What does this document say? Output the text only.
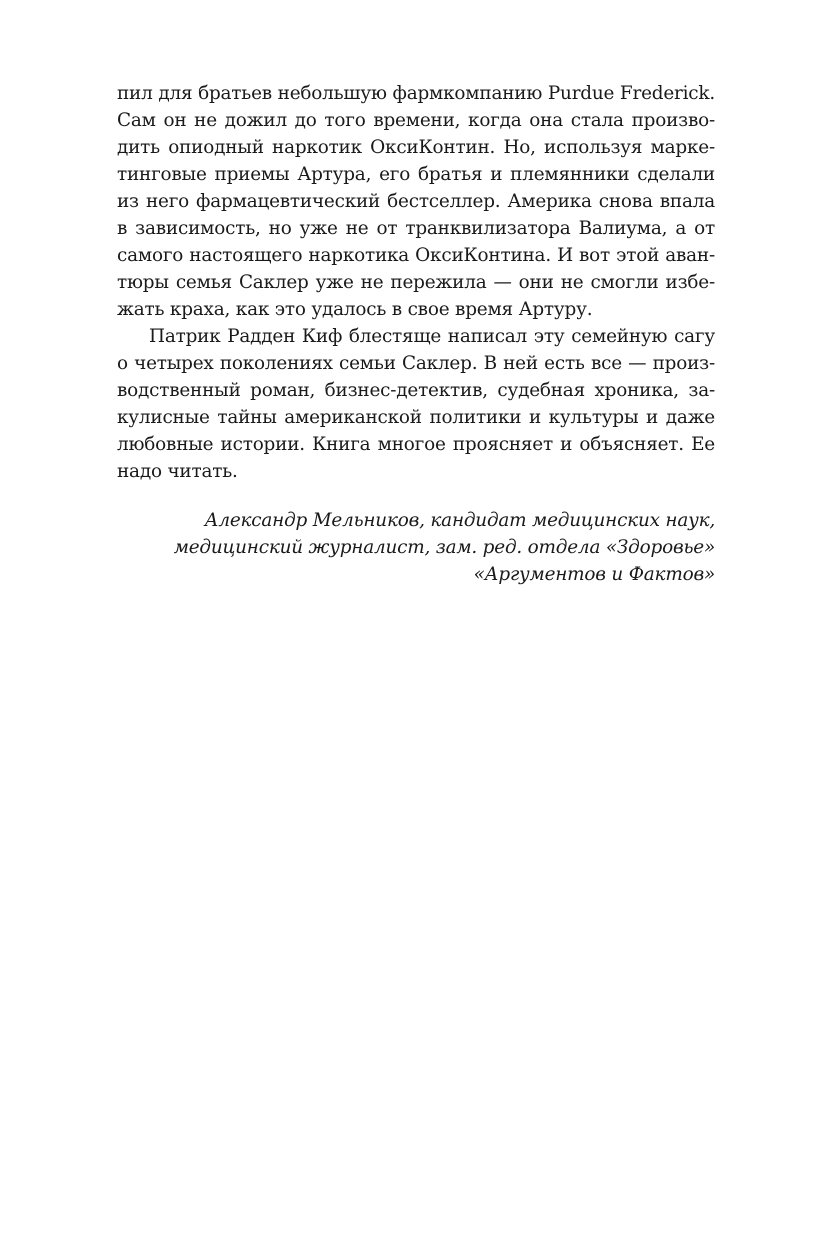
пил для братьев небольшую фармкомпанию Purdue Frederick.
Сам он не дожил до того времени, когда она стала произво-
дить опиодный наркотик ОксиКонтин. Но, используя маркe-
тинговые приемы Артура, его братья и племянники сделали
из него фармацевтический бестселлер. Америка снова впала
в зависимость, но уже не от транквилизатора Валиума, а от
самого настоящего наркотика ОксиКонтина. И вот этой аван-
тюры семья Саклер уже не пережила — они не смогли избе-
жать краха, как это удалось в свое время Артуру.
Патрик Радден Киф блестяще написал эту семейную сагу
о четырех поколениях семьи Саклер. В ней есть все — произ-
водственный роман, бизнес-детектив, судебная хроника, за-
кулисные тайны американской политики и культуры и даже
любовные истории. Книга многое проясняет и объясняет. Ее
надо читать.
Александр Мельников, кандидат медицинских наук,
медицинский журналист, зам. ред. отдела «Здоровье»
«Аргументов и Фактов»
